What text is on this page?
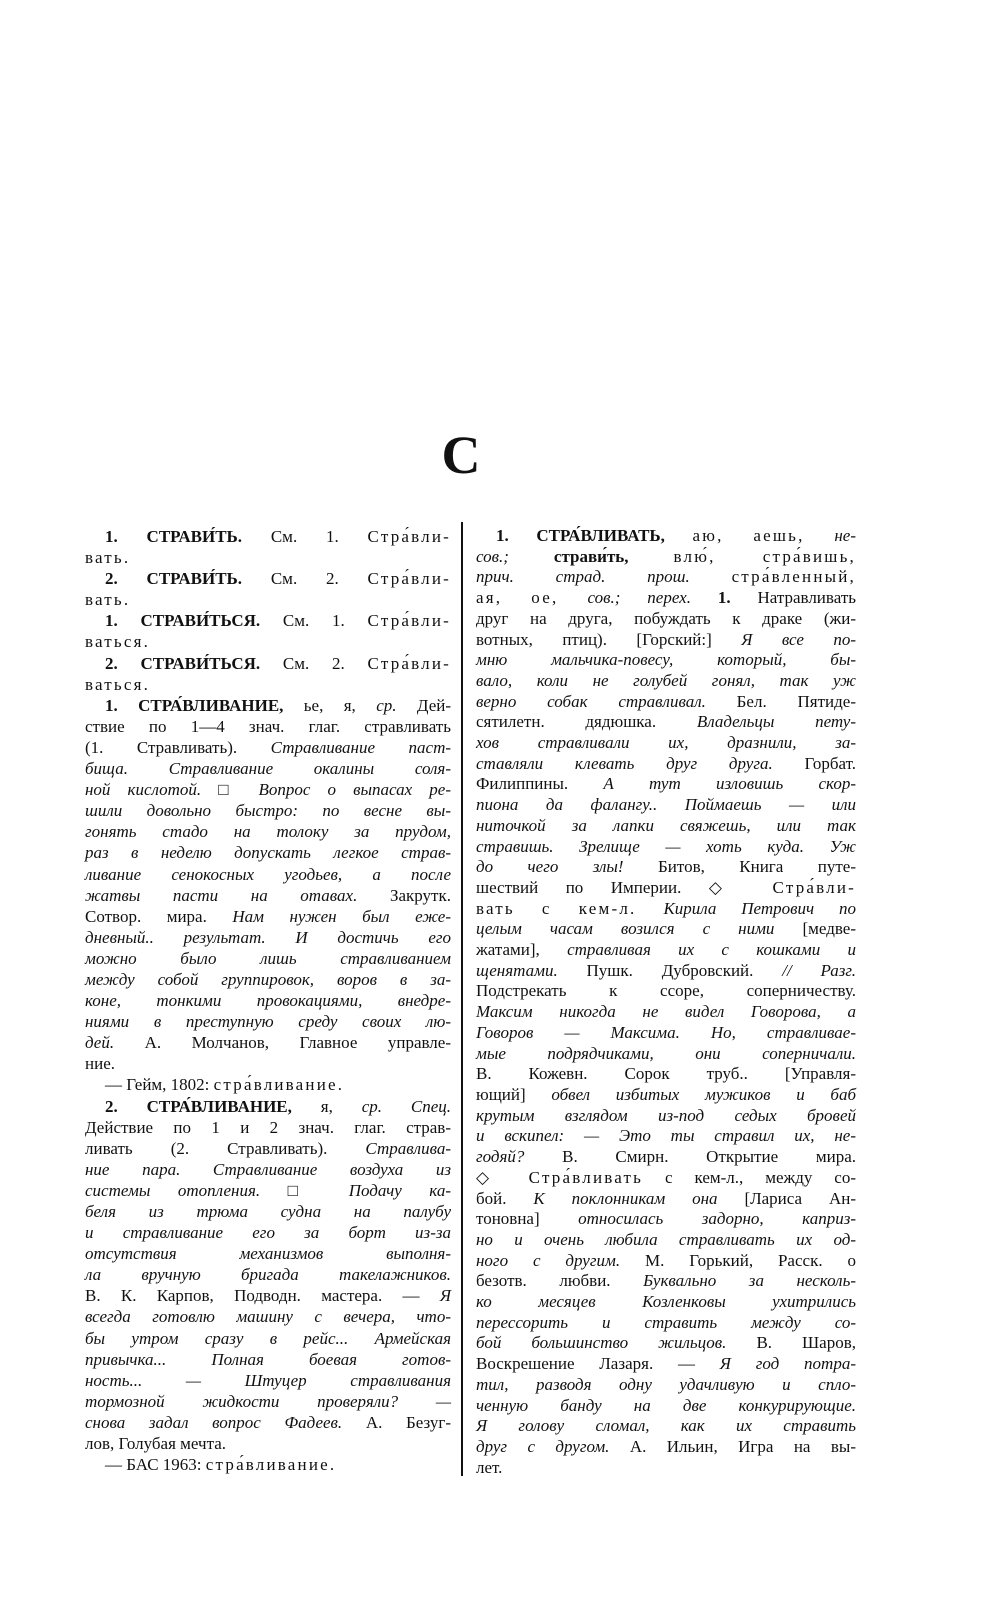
С
1. СТРАВИ́ТЬ. См. 1. Стра́вли-
вать.
2. СТРАВИ́ТЬ. См. 2. Стра́вли-
вать.
1. СТРАВИ́ТЬСЯ. См. 1. Стра́вли-
ваться.
2. СТРАВИ́ТЬСЯ. См. 2. Стра́вли-
ваться.
1. СТРА́ВЛИВАНИЕ, ье, я, ср. Дей-
ствие по 1—4 знач. глаг. стравливать
(1. Стравливать). Стравливание паст-
бища. Стравливание окалины соля-
ной кислотой. □ Вопрос о выпасах ре-
шили довольно быстро: по весне вы-
гонять стадо на толоку за прудом,
раз в неделю допускать легкое страв-
ливание сенокосных угодьев, а после
жатвы пасти на отавах. Закрутк.
Сотвор. мира. Нам нужен был еже-
дневный.. результат. И достичь его
можно было лишь стравливанием
между собой группировок, воров в за-
коне, тонкими провокациями, внедре-
ниями в преступную среду своих лю-
дей. А. Молчанов, Главное управле-
ние.
— Гейм, 1802: стра́вливание.
2. СТРА́ВЛИВАНИЕ, я, ср. Спец.
Действие по 1 и 2 знач. глаг. страв-
ливать (2. Стравливать). Стравлива-
ние пара. Стравливание воздуха из
системы отопления. □ Подачу ка-
беля из трюма судна на палубу
и стравливание его за борт из-за
отсутствия механизмов выполня-
ла вручную бригада такелажников.
В. К. Карпов, Подводн. мастера. — Я
всегда готовлю машину с вечера, что-
бы утром сразу в рейс... Армейская
привычка... Полная боевая готов-
ность... — Штуцер стравливания
тормозной жидкости проверяли? —
снова задал вопрос Фадеев. А. Безуг-
лов, Голубая мечта.
— БАС 1963: стра́вливание.
1. СТРА́ВЛИВАТЬ, аю, аешь, не-
сов.; страви́ть,	влю́, стра́вишь,
прич. страд. прош. стра́вленный,
ая, ое, сов.; перех. 1. Натравливать
друг на друга, побуждать к драке (жи-
вотных, птиц). [Горский:] Я все по-
мню мальчика-повесу, который, бы-
вало, коли не голубей гонял, так уж
верно собак стравливал. Бел. Пятиде-
сятилетн. дядюшка. Владельцы пету-
хов стравливали их, дразнили, за-
ставляли клевать друг друга. Горбат.
Филиппины. А тут изловишь скор-
пиона да фалангу.. Поймаешь — или
ниточкой за лапки свяжешь, или так
стравишь. Зрелище — хоть куда. Уж
до чего злы! Битов, Книга путе-
шествий по Империи. ◇ Стра́вли-
вать с кем-л. Кирила Петрович по
целым часам возился с ними [медве-
жатами], стравливая их с кошками и
щенятами. Пушк. Дубровский. // Разг.
Подстрекать к ссоре, соперничеству.
Максим никогда не видел Говорова, а
Говоров — Максима. Но, стравливае-
мые подрядчиками, они соперничали.
В. Кожевн. Сорок труб.. [Управля-
ющий] обвел избитых мужиков и баб
крутым взглядом из-под седых бровей
и вскипел: — Это ты стравил их, не-
годяй? В. Смирн. Открытие мира.
◇ Стра́вливать с кем-л., между со-
бой. К поклонникам она [Лариса Ан-
тоновна] относилась задорно, каприз-
но и очень любила стравливать их од-
ного с другим. М. Горький, Расск. о
безотв. любви. Буквально за несколь-
ко месяцев Козленковы ухитрились
перессорить и стравить между со-
бой большинство жильцов. В. Шаров,
Воскрешение Лазаря. — Я год потра-
тил, разводя одну удачливую и спло-
ченную банду на две конкурирующие.
Я голову сломал, как их стравить
друг с другом. А. Ильин, Игра на вы-
лет.
